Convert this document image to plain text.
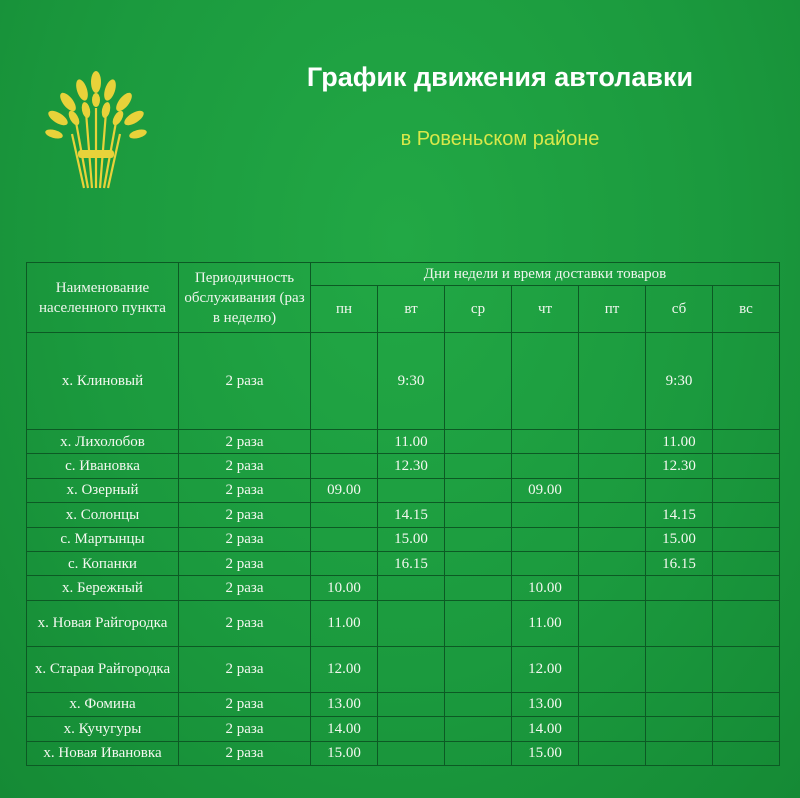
График движения автолавки
в Ровеньском районе
Наименование населенного пункта	Периодичность обслуживания (раз в неделю)	Дни недели и время доставки товаров						
		пн	вт	ср	чт	пт	сб	вс
х. Клиновый	2 раза		9:30				9:30	
х. Лихолобов	2 раза		11.00				11.00	
с. Ивановка	2 раза		12.30				12.30	
х. Озерный	2 раза	09.00			09.00			
х. Солонцы	2 раза		14.15				14.15	
с. Мартынцы	2 раза		15.00				15.00	
с. Копанки	2 раза		16.15				16.15	
х. Бережный	2 раза	10.00			10.00			
х. Новая Райгородка	2 раза	11.00			11.00			
х. Старая Райгородка	2 раза	12.00			12.00			
х. Фомина	2 раза	13.00			13.00			
х. Кучугуры	2 раза	14.00			14.00			
х. Новая Ивановка	2 раза	15.00			15.00			
